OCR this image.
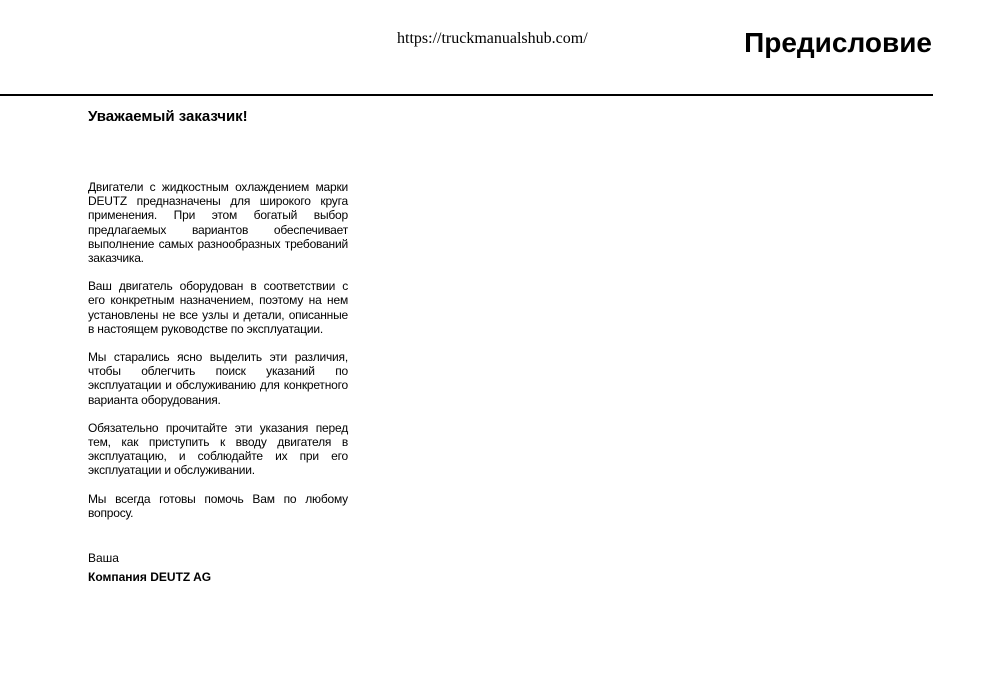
https://truckmanualshub.com/	Предисловие
Уважаемый заказчик!

Двигатели с жидкостным охлаждением марки DEUTZ предназначены для широкого круга применения. При этом богатый выбор предлагаемых вариантов обеспечивает выполнение самых разнообразных требований заказчика.

Ваш двигатель оборудован в соответствии с его конкретным назначением, поэтому на нем установлены не все узлы и детали, описанные в настоящем руководстве по эксплуатации.

Мы старались ясно выделить эти различия, чтобы облегчить поиск указаний по эксплуатации и обслуживанию для конкретного варианта оборудования.

Обязательно прочитайте эти указания перед тем, как приступить к вводу двигателя в эксплуатацию, и соблюдайте их при его эксплуатации и обслуживании.

Мы всегда готовы помочь Вам по любому вопросу.

Ваша
Компания DEUTZ AG
